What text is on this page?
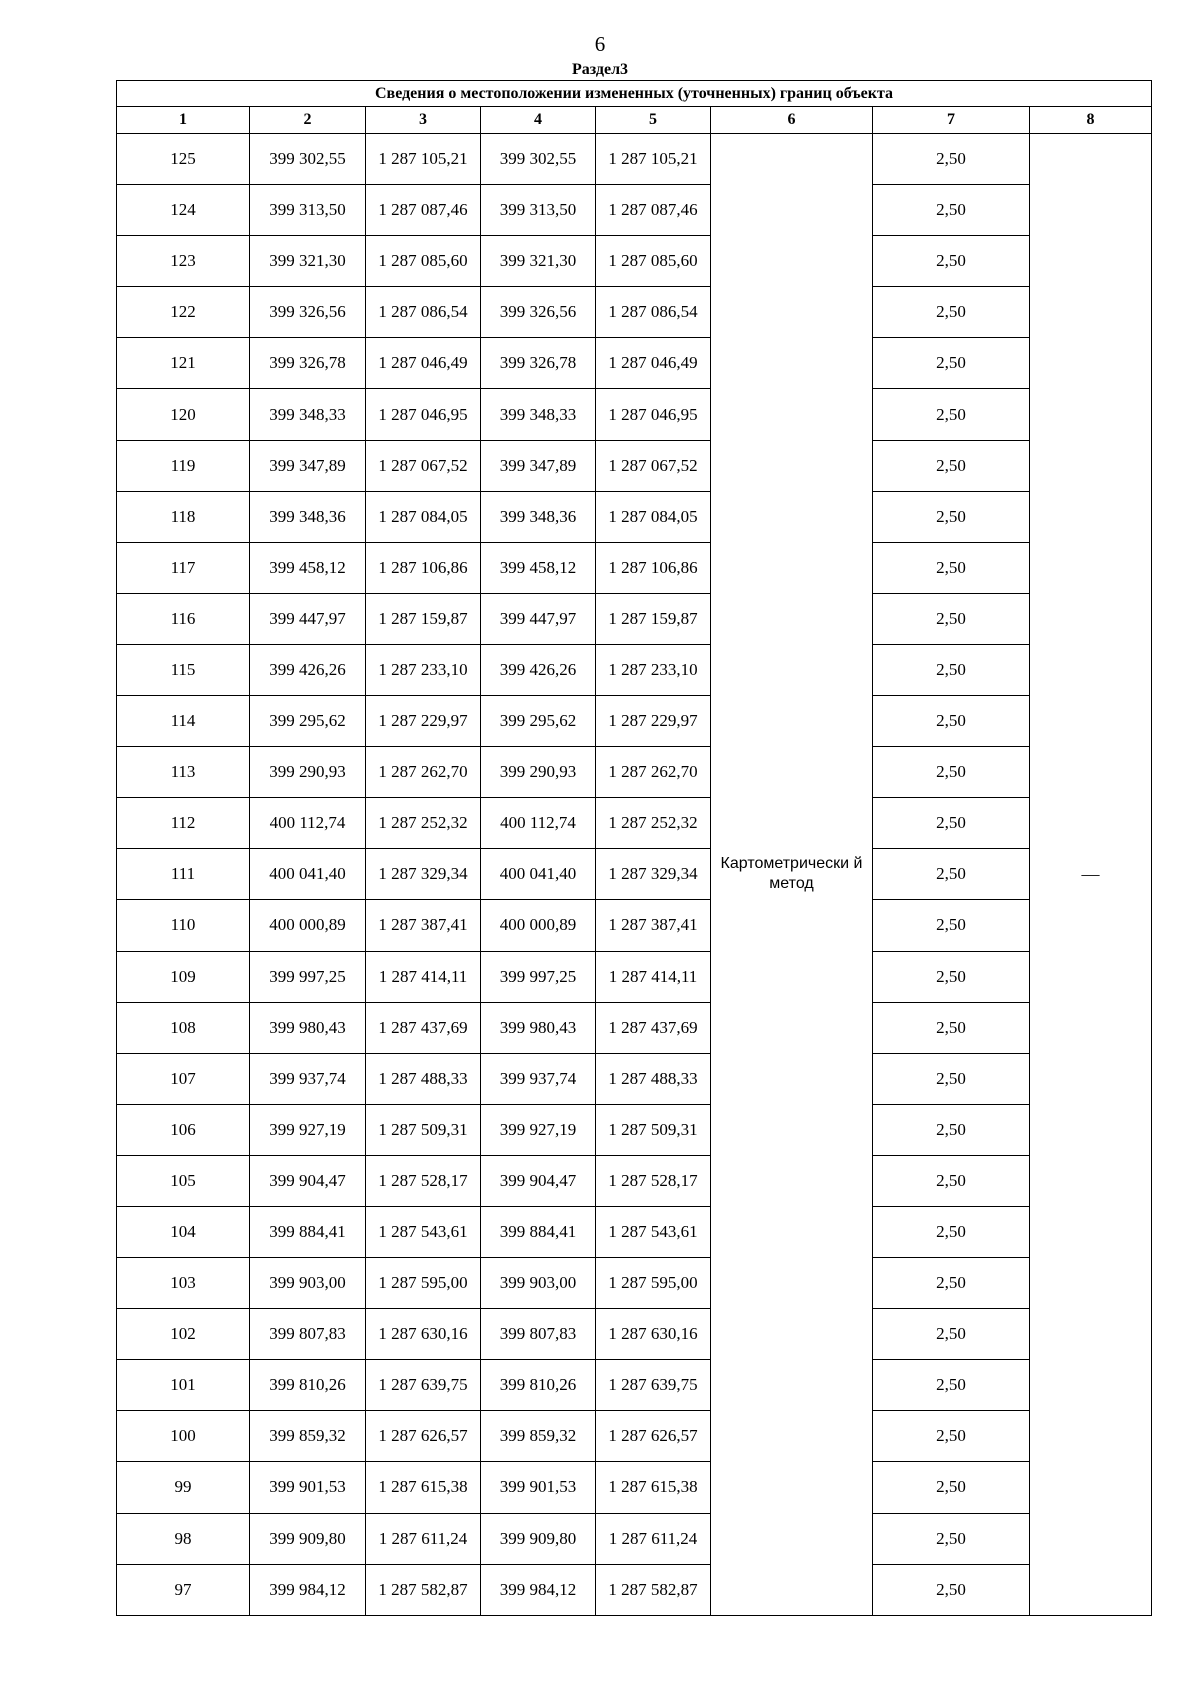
6
Раздел3
Сведения о местоположении измененных (уточненных) границ объекта							
1	2	3	4	5	6	7	8
125	399 302,55	1 287 105,21	399 302,55	1 287 105,21	Картометрически й метод	2,50	—
124	399 313,50	1 287 087,46	399 313,50	1 287 087,46		2,50	
123	399 321,30	1 287 085,60	399 321,30	1 287 085,60		2,50	
122	399 326,56	1 287 086,54	399 326,56	1 287 086,54		2,50	
121	399 326,78	1 287 046,49	399 326,78	1 287 046,49		2,50	
120	399 348,33	1 287 046,95	399 348,33	1 287 046,95		2,50	
119	399 347,89	1 287 067,52	399 347,89	1 287 067,52		2,50	
118	399 348,36	1 287 084,05	399 348,36	1 287 084,05		2,50	
117	399 458,12	1 287 106,86	399 458,12	1 287 106,86		2,50	
116	399 447,97	1 287 159,87	399 447,97	1 287 159,87		2,50	
115	399 426,26	1 287 233,10	399 426,26	1 287 233,10		2,50	
114	399 295,62	1 287 229,97	399 295,62	1 287 229,97		2,50	
113	399 290,93	1 287 262,70	399 290,93	1 287 262,70		2,50	
112	400 112,74	1 287 252,32	400 112,74	1 287 252,32		2,50	
111	400 041,40	1 287 329,34	400 041,40	1 287 329,34		2,50	
110	400 000,89	1 287 387,41	400 000,89	1 287 387,41		2,50	
109	399 997,25	1 287 414,11	399 997,25	1 287 414,11		2,50	
108	399 980,43	1 287 437,69	399 980,43	1 287 437,69		2,50	
107	399 937,74	1 287 488,33	399 937,74	1 287 488,33		2,50	
106	399 927,19	1 287 509,31	399 927,19	1 287 509,31		2,50	
105	399 904,47	1 287 528,17	399 904,47	1 287 528,17		2,50	
104	399 884,41	1 287 543,61	399 884,41	1 287 543,61		2,50	
103	399 903,00	1 287 595,00	399 903,00	1 287 595,00		2,50	
102	399 807,83	1 287 630,16	399 807,83	1 287 630,16		2,50	
101	399 810,26	1 287 639,75	399 810,26	1 287 639,75		2,50	
100	399 859,32	1 287 626,57	399 859,32	1 287 626,57		2,50	
99	399 901,53	1 287 615,38	399 901,53	1 287 615,38		2,50	
98	399 909,80	1 287 611,24	399 909,80	1 287 611,24		2,50	
97	399 984,12	1 287 582,87	399 984,12	1 287 582,87		2,50	
